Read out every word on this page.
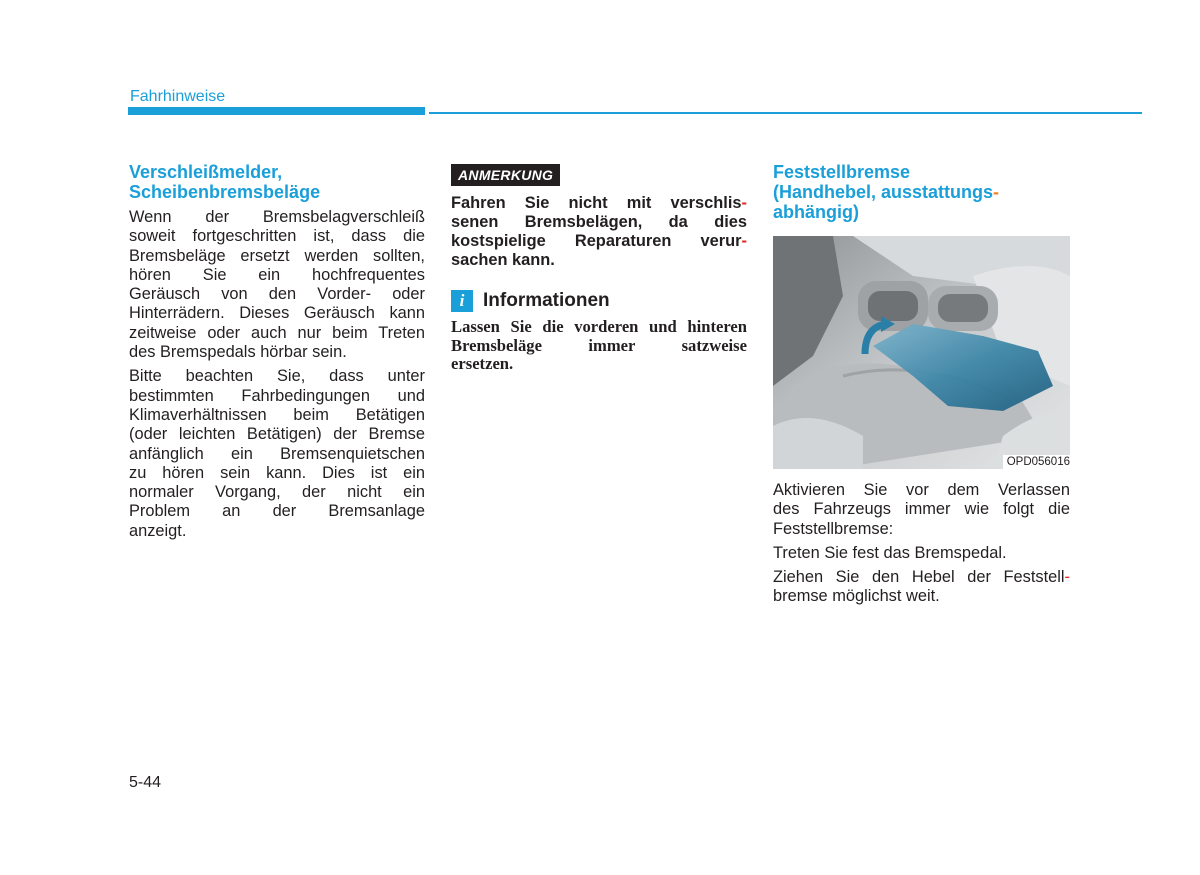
Fahrhinweise
Verschleißmelder,
Scheibenbremsbeläge

Wenn der Bremsbelagverschleiß
soweit fortgeschritten ist, dass die
Bremsbeläge ersetzt werden sollten,
hören Sie ein hochfrequentes
Geräusch von den Vorder- oder
Hinterrädern. Dieses Geräusch kann
zeitweise oder auch nur beim Treten
des Bremspedals hörbar sein.

Bitte beachten Sie, dass unter
bestimmten Fahrbedingungen und
Klimaverhältnissen beim Betätigen
(oder leichten Betätigen) der Bremse
anfänglich ein Bremsenquietschen
zu hören sein kann. Dies ist ein
normaler Vorgang, der nicht ein
Problem an der Bremsanlage
anzeigt.

ANMERKUNG
Fahren Sie nicht mit verschlis-
senen Bremsbelägen, da dies
kostspielige Reparaturen verur-
sachen kann.
i Informationen
Lassen Sie die vorderen und hinteren
Bremsbeläge immer satzweise
ersetzen.
Feststellbremse
(Handhebel, ausstattungs-
abhängig)
OPD056016

Aktivieren Sie vor dem Verlassen
des Fahrzeugs immer wie folgt die
Feststellbremse:

Treten Sie fest das Bremspedal.

Ziehen Sie den Hebel der Feststell-
bremse möglichst weit.

5-44
